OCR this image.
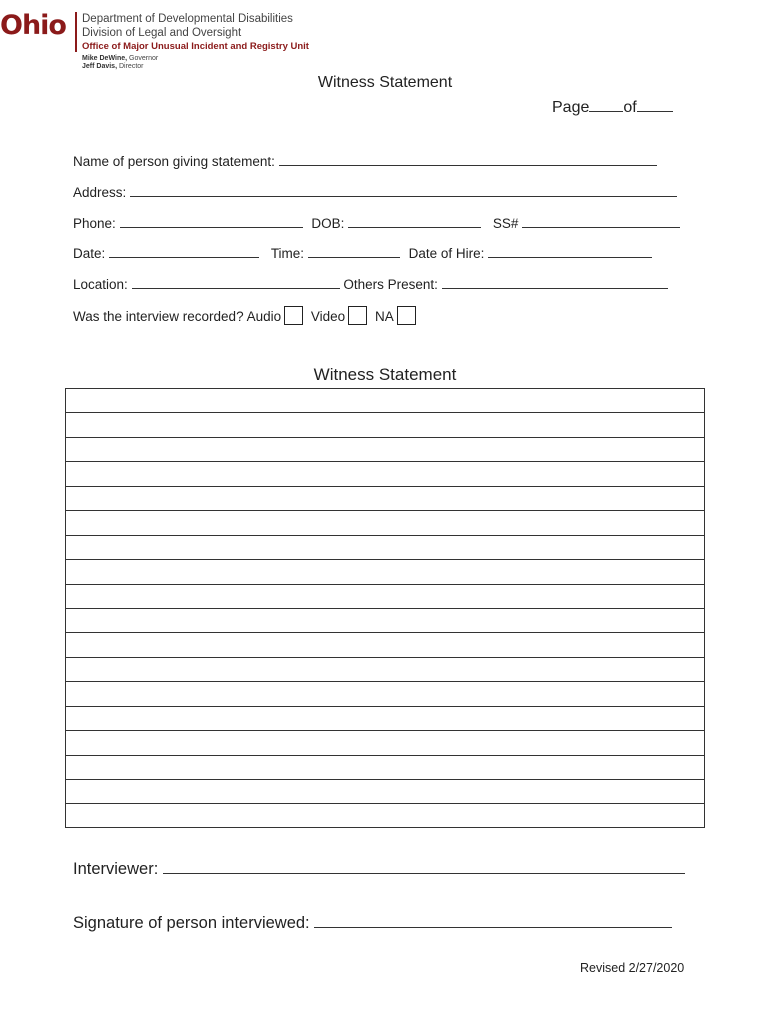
Ohio Department of Developmental Disabilities
Division of Legal and Oversight
Office of Major Unusual Incident and Registry Unit
Mike DeWine, Governor
Jeff Davis, Director
Witness Statement
Page of
Name of person giving statement:
Address:
Phone:	DOB:	SS#
Date:	Time:	Date of Hire:
Location:	Others Present:
Was the interview recorded? Audio Video NA
Witness Statement
Interviewer:
Signature of person interviewed:
Revised 2/27/2020
